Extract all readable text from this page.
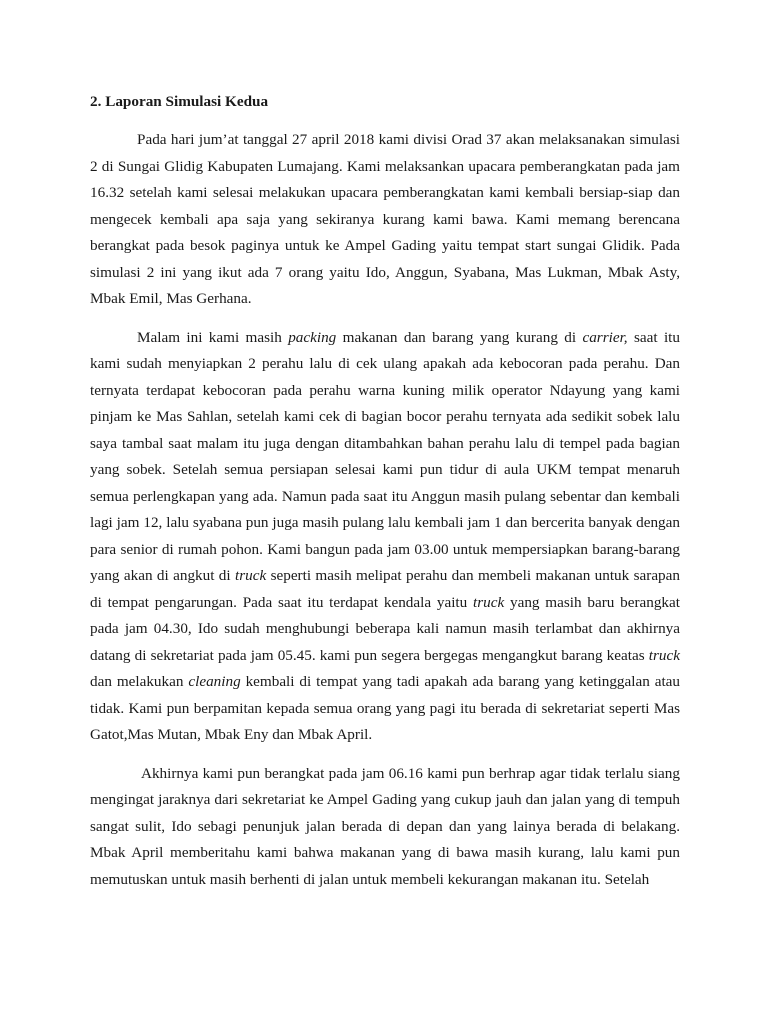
2. Laporan Simulasi Kedua

Pada hari jum’at tanggal 27 april 2018 kami divisi Orad 37 akan melaksanakan simulasi 2 di Sungai Glidig Kabupaten Lumajang. Kami melaksankan upacara pemberangkatan pada jam 16.32 setelah kami selesai melakukan upacara pemberangkatan kami kembali bersiap-siap dan mengecek kembali apa saja yang sekiranya kurang kami bawa. Kami memang berencana berangkat pada besok paginya untuk ke Ampel Gading yaitu tempat start sungai Glidik. Pada simulasi 2 ini yang ikut ada 7 orang yaitu Ido, Anggun, Syabana, Mas Lukman, Mbak Asty, Mbak Emil, Mas Gerhana.

Malam ini kami masih packing makanan dan barang yang kurang di carrier, saat itu kami sudah menyiapkan 2 perahu lalu di cek ulang apakah ada kebocoran pada perahu. Dan ternyata terdapat kebocoran pada perahu warna kuning milik operator Ndayung yang kami pinjam ke Mas Sahlan, setelah kami cek di bagian bocor perahu ternyata ada sedikit sobek lalu saya tambal saat malam itu juga dengan ditambahkan bahan perahu lalu di tempel pada bagian yang sobek. Setelah semua persiapan selesai kami pun tidur di aula UKM tempat menaruh semua perlengkapan yang ada. Namun pada saat itu Anggun masih pulang sebentar dan kembali lagi jam 12, lalu syabana pun juga masih pulang lalu kembali jam 1 dan bercerita banyak dengan para senior di rumah pohon. Kami bangun pada jam 03.00 untuk mempersiapkan barang-barang yang akan di angkut di truck seperti masih melipat perahu dan membeli makanan untuk sarapan di tempat pengarungan. Pada saat itu terdapat kendala yaitu truck yang masih baru berangkat pada jam 04.30, Ido sudah menghubungi beberapa kali namun masih terlambat dan akhirnya datang di sekretariat pada jam 05.45. kami pun segera bergegas mengangkut barang keatas truck dan melakukan cleaning kembali di tempat yang tadi apakah ada barang yang ketinggalan atau tidak. Kami pun berpamitan kepada semua orang yang pagi itu berada di sekretariat seperti Mas Gatot,Mas Mutan, Mbak Eny dan Mbak April.

Akhirnya kami pun berangkat pada jam 06.16 kami pun berhrap agar tidak terlalu siang mengingat jaraknya dari sekretariat ke Ampel Gading yang cukup jauh dan jalan yang di tempuh sangat sulit, Ido sebagi penunjuk jalan berada di depan dan yang lainya berada di belakang. Mbak April memberitahu kami bahwa makanan yang di bawa masih kurang, lalu kami pun memutuskan untuk masih berhenti di jalan untuk membeli kekurangan makanan itu. Setelah
